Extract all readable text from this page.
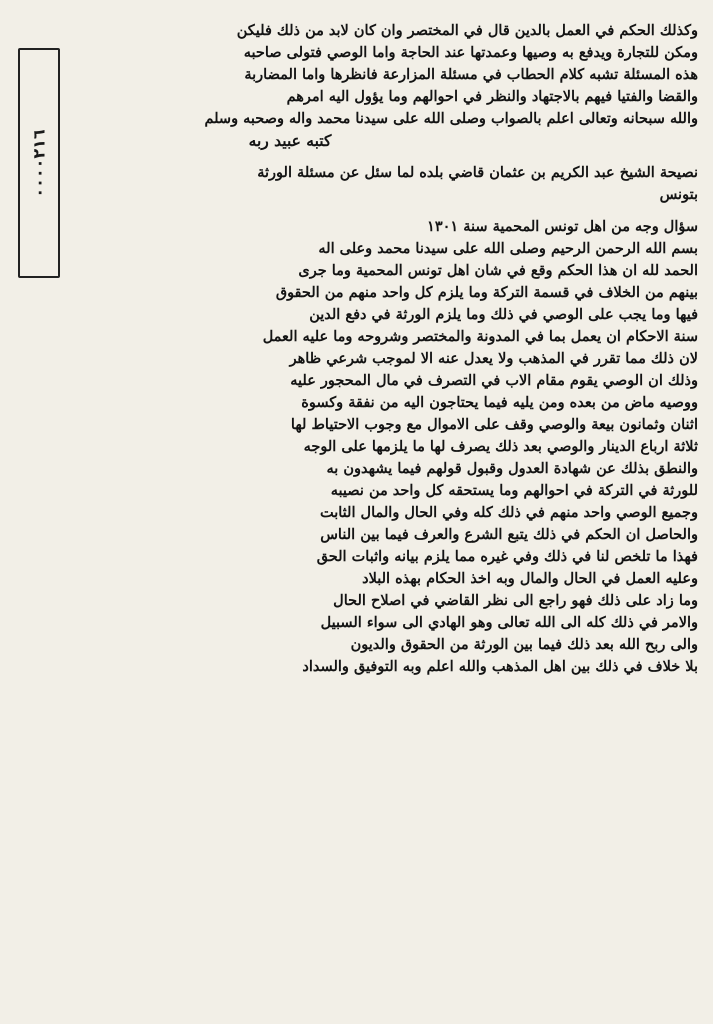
٠٠٠٠٢١٦
وكذلك الحكم في العمل بالدين قال في المختصر وان كان لابد من ذلك فليكن
ومكن للتجارة ويدفع به وصيها وعمدتها عند الحاجة واما الوصي فتولى صاحبه
هذه المسئلة تشبه كلام الحطاب في مسئلة المزارعة فانظرها واما المضاربة
والقضا والفتيا فيهم بالاجتهاد والنظر في احوالهم وما يؤول اليه امرهم
والله سبحانه وتعالى اعلم بالصواب وصلى الله على سيدنا محمد واله وصحبه وسلم
كتبه عبيد ربه
نصيحة الشيخ عبد الكريم بن عثمان قاضي بلده لما سئل عن مسئلة الورثة
بتونس
سؤال وجه من اهل تونس المحمية سنة ١٣٠١
بسم الله الرحمن الرحيم وصلى الله على سيدنا محمد وعلى اله
الحمد لله ان هذا الحكم وقع في شان اهل تونس المحمية وما جرى
بينهم من الخلاف في قسمة التركة وما يلزم كل واحد منهم من الحقوق
فيها وما يجب على الوصي في ذلك وما يلزم الورثة في دفع الدين
سنة الاحكام ان يعمل بما في المدونة والمختصر وشروحه وما عليه العمل
لان ذلك مما تقرر في المذهب ولا يعدل عنه الا لموجب شرعي ظاهر
وذلك ان الوصي يقوم مقام الاب في التصرف في مال المحجور عليه
ووصيه ماض من بعده ومن يليه فيما يحتاجون اليه من نفقة وكسوة
اثنان وثمانون بيعة والوصي وقف على الاموال مع وجوب الاحتياط لها
ثلاثة ارباع الدينار والوصي بعد ذلك يصرف لها ما يلزمها على الوجه
والنطق بذلك عن شهادة العدول وقبول قولهم فيما يشهدون به
للورثة في التركة في احوالهم وما يستحقه كل واحد من نصيبه
وجميع الوصي واحد منهم في ذلك كله وفي الحال والمال الثابت
والحاصل ان الحكم في ذلك يتبع الشرع والعرف فيما بين الناس
فهذا ما تلخص لنا في ذلك وفي غيره مما يلزم بيانه واثبات الحق
وعليه العمل في الحال والمال وبه اخذ الحكام بهذه البلاد
وما زاد على ذلك فهو راجع الى نظر القاضي في اصلاح الحال
والامر في ذلك كله الى الله تعالى وهو الهادي الى سواء السبيل
والى ربح الله بعد ذلك فيما بين الورثة من الحقوق والديون
بلا خلاف في ذلك بين اهل المذهب والله اعلم وبه التوفيق والسداد
